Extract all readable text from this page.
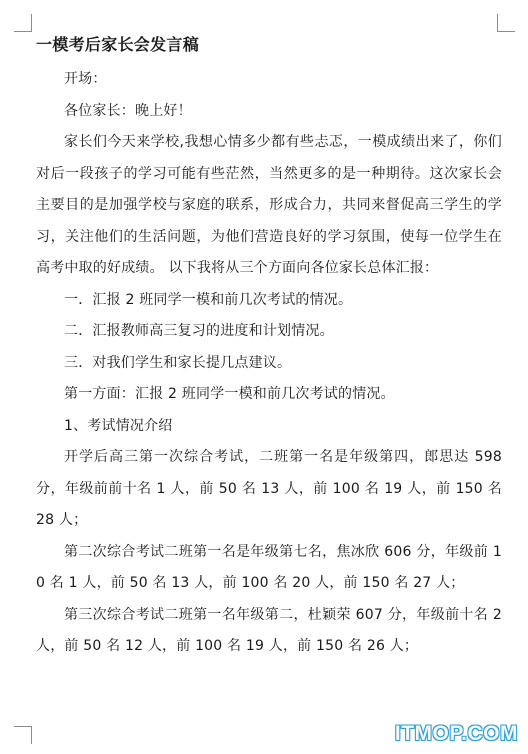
一模考后家长会发言稿

开场：

各位家长：晚上好！

家长们今天来学校,我想心情多少都有些忐忑，一模成绩出来了，你们对后一段孩子的学习可能有些茫然，当然更多的是一种期待。这次家长会主要目的是加强学校与家庭的联系，形成合力，共同来督促高三学生的学习，关注他们的生活问题，为他们营造良好的学习氛围，使每一位学生在高考中取的好成绩。 以下我将从三个方面向各位家长总体汇报：

一．汇报 2 班同学一模和前几次考试的情况。

二．汇报教师高三复习的进度和计划情况。

三．对我们学生和家长提几点建议。

第一方面：汇报 2 班同学一模和前几次考试的情况。

1、考试情况介绍

开学后高三第一次综合考试，二班第一名是年级第四，郎思达 598 分，年级前前十名 1 人，前 50 名 13 人，前 100 名 19 人，前 150 名 28 人；

第二次综合考试二班第一名是年级第七名，焦冰欣 606 分，年级前 10 名 1 人，前 50 名 13 人，前 100 名 20 人，前 150 名 27 人；

第三次综合考试二班第一名年级第二，杜颖荣 607 分，年级前十名 2 人，前 50 名 12 人，前 100 名 19 人，前 150 名 26 人；

ITMOP.COM
